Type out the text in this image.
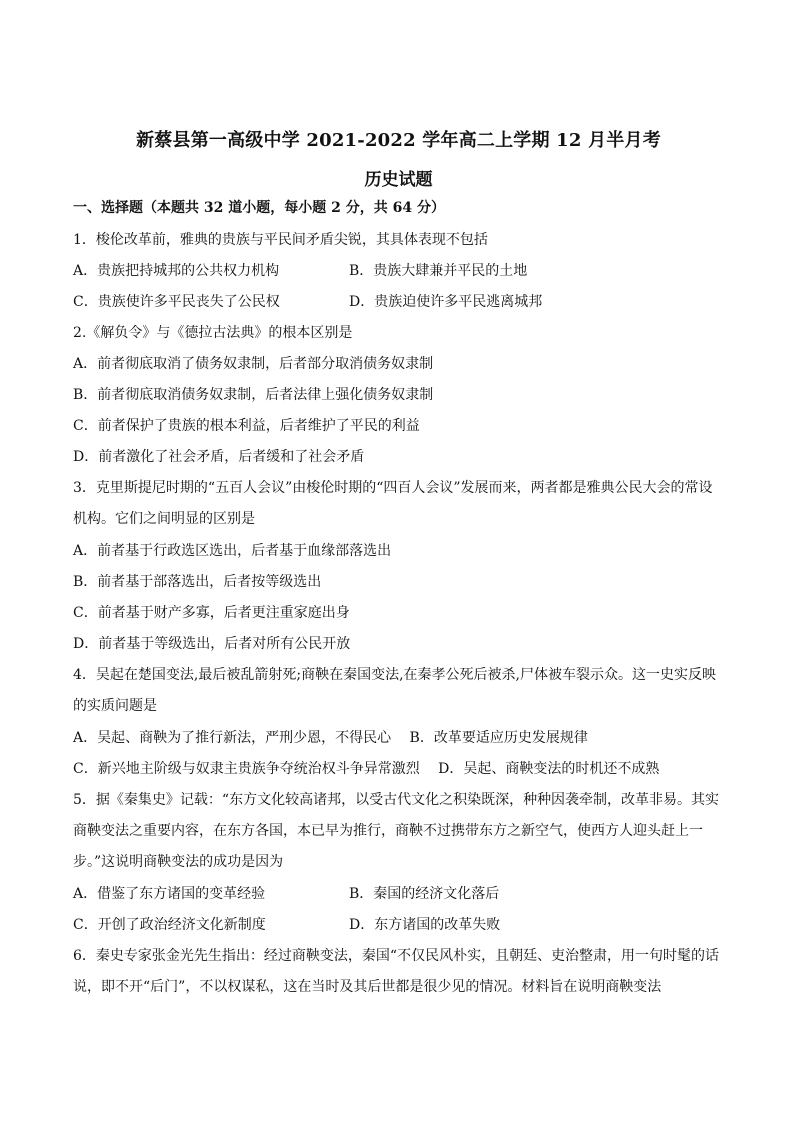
新蔡县第一高级中学 2021-2022 学年高二上学期 12 月半月考
历史试题
一、选择题（本题共 32 道小题，每小题 2 分，共 64 分）
1．梭伦改革前，雅典的贵族与平民间矛盾尖锐，其具体表现不包括
A．贵族把持城邦的公共权力机构	B．贵族大肆兼并平民的土地
C．贵族使许多平民丧失了公民权	D．贵族迫使许多平民逃离城邦
2.《解负令》与《德拉古法典》的根本区别是
A．前者彻底取消了债务奴隶制，后者部分取消债务奴隶制
B．前者彻底取消债务奴隶制，后者法律上强化债务奴隶制
C．前者保护了贵族的根本利益，后者维护了平民的利益
D．前者激化了社会矛盾，后者缓和了社会矛盾
3．克里斯提尼时期的“五百人会议”由梭伦时期的“四百人会议”发展而来，两者都是雅典公民大会的常设机构。它们之间明显的区别是
A．前者基于行政选区选出，后者基于血缘部落选出
B．前者基于部落选出，后者按等级选出
C．前者基于财产多寡，后者更注重家庭出身
D．前者基于等级选出，后者对所有公民开放
4．吴起在楚国变法,最后被乱箭射死;商鞅在秦国变法,在秦孝公死后被杀,尸体被车裂示众。这一史实反映的实质问题是
A．吴起、商鞅为了推行新法，严刑少恩，不得民心　 B．改革要适应历史发展规律
C．新兴地主阶级与奴隶主贵族争夺统治权斗争异常激烈　 D．吴起、商鞅变法的时机还不成熟
5．据《秦集史》记载：“东方文化较高诸邦，以受古代文化之积染既深，种种因袭牵制，改革非易。其实商鞅变法之重要内容，在东方各国，本已早为推行，商鞅不过携带东方之新空气，使西方人迎头赶上一步。”这说明商鞅变法的成功是因为
A．借鉴了东方诸国的变革经验	B．秦国的经济文化落后
C．开创了政治经济文化新制度	D．东方诸国的改革失败
6．秦史专家张金光先生指出：经过商鞅变法，秦国“不仅民风朴实，且朝廷、吏治整肃，用一句时髦的话说，即不开“后门”，不以权谋私，这在当时及其后世都是很少见的情况。材料旨在说明商鞅变法
